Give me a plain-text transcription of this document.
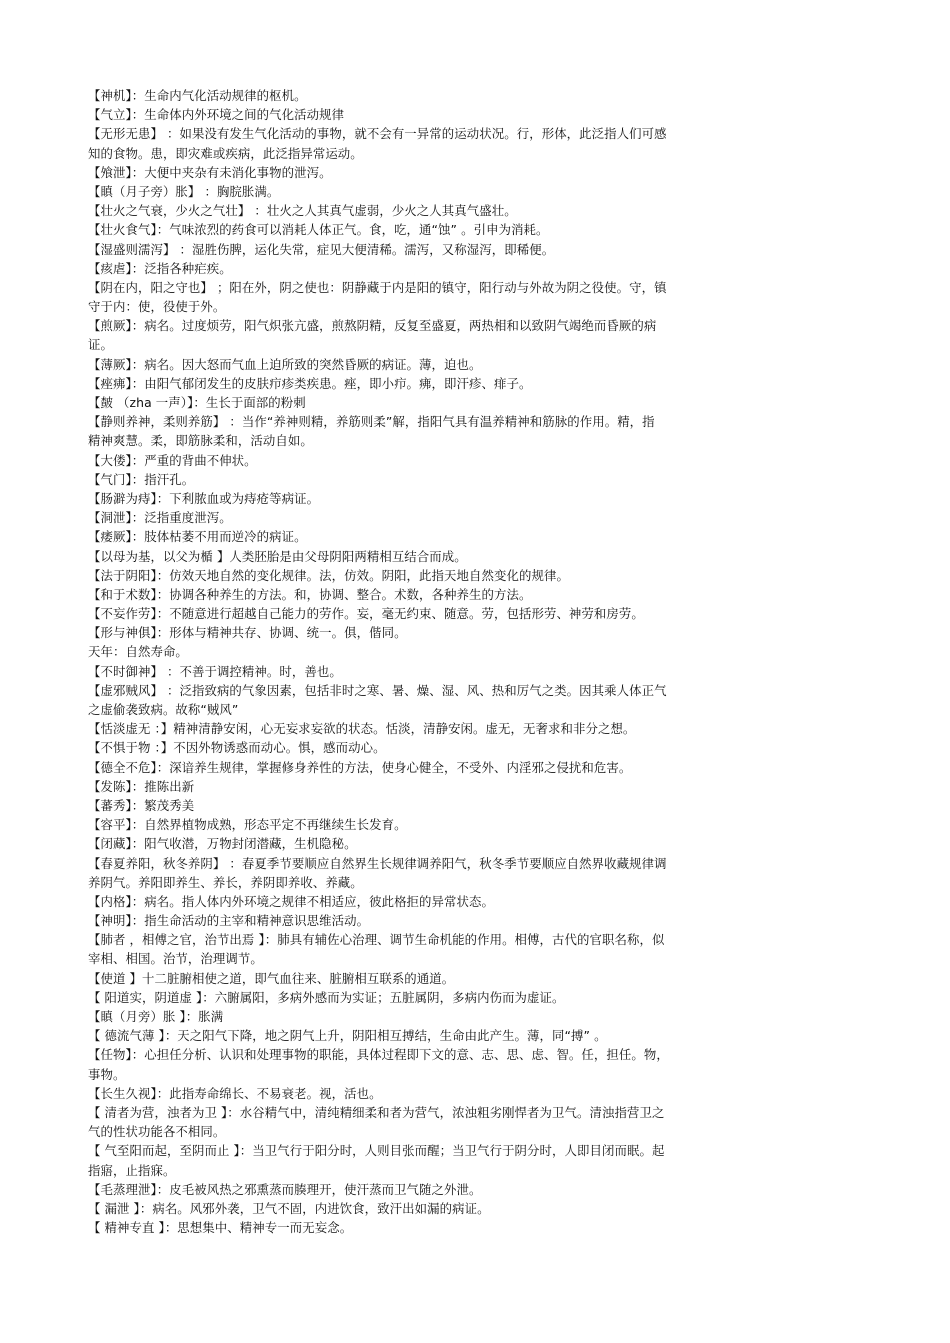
【神机】：生命内气化活动规律的枢机。
【气立】：生命体内外环境之间的气化活动规律
【无形无患】 ：如果没有发生气化活动的事物，就不会有一异常的运动状况。行，形体，此泛指人们可感
知的食物。患，即灾难或疾病，此泛指异常运动。
【飧泄】：大便中夹杂有未消化事物的泄泻。
【瞋（月子旁）胀】 ：胸脘胀满。
【壮火之气衰，少火之气壮】 ：壮火之人其真气虚弱，少火之人其真气盛壮。
【壮火食气】：气味浓烈的药食可以消耗人体正气。食，吃，通“蚀” 。引申为消耗。
【湿盛则濡泻】 ：湿胜伤脾，运化失常，症见大便清稀。濡泻，又称湿泻，即稀便。
【痎虐】：泛指各种疟疾。
【阴在内，阳之守也】 ；阳在外，阴之使也：阴静藏于内是阳的镇守，阳行动与外故为阴之役使。守，镇
守于内：使，役使于外。
【煎厥】：病名。过度烦劳，阳气炽张亢盛，煎熬阴精，反复至盛夏，两热相和以致阴气竭绝而昏厥的病
证。
【薄厥】：病名。因大怒而气血上迫所致的突然昏厥的病证。薄，迫也。
【痤疿】：由阳气郁闭发生的皮肤疖疹类疾患。痤，即小疖。疿，即汗疹、痱子。
【皶 （zha 一声）】：生长于面部的粉刺
【静则养神，柔则养筋】 ：当作“养神则精，养筋则柔”解，指阳气具有温养精神和筋脉的作用。精，指
精神爽慧。柔，即筋脉柔和，活动自如。
【大偻】：严重的背曲不伸状。
【气门】：指汗孔。
【肠澼为痔】：下利脓血或为痔疮等病证。
【洞泄】：泛指重度泄泻。
【痿厥】：肢体枯萎不用而逆冷的病证。
【以母为基，以父为楯 】人类胚胎是由父母阴阳两精相互结合而成。
【法于阴阳】：仿效天地自然的变化规律。法，仿效。阴阳，此指天地自然变化的规律。
【和于术数】：协调各种养生的方法。和，协调、整合。术数，各种养生的方法。
【不妄作劳】：不随意进行超越自己能力的劳作。妄，毫无约束、随意。劳，包括形劳、神劳和房劳。
【形与神俱】：形体与精神共存、协调、统一。俱，偕同。
天年：自然寿命。
【不时御神】 ：不善于调控精神。时，善也。
【虚邪贼风】 ：泛指致病的气象因素，包括非时之寒、暑、燥、湿、风、热和厉气之类。因其乘人体正气
之虚偷袭致病。故称“贼风”
【恬淡虚无 ：】精神清静安闲，心无妄求妄欲的状态。恬淡，清静安闲。虚无，无奢求和非分之想。
【不惧于物 ：】不因外物诱惑而动心。惧，感而动心。
【德全不危】：深谙养生规律，掌握修身养性的方法，使身心健全，不受外、内淫邪之侵扰和危害。
【发陈】：推陈出新
【蕃秀】：繁茂秀美
【容平】：自然界植物成熟，形态平定不再继续生长发育。
【闭藏】：阳气收潜，万物封闭潜藏，生机隐秘。
【春夏养阳，秋冬养阴】 ：春夏季节要顺应自然界生长规律调养阳气，秋冬季节要顺应自然界收藏规律调
养阴气。养阳即养生、养长，养阴即养收、养藏。
【内格】：病名。指人体内外环境之规律不相适应，彼此格拒的异常状态。
【神明】：指生命活动的主宰和精神意识思维活动。
【肺者 ，相傅之官，治节出焉 】：肺具有辅佐心治理、调节生命机能的作用。相傅，古代的官职名称，似
宰相、相国。治节，治理调节。
【使道 】十二脏腑相使之道，即气血往来、脏腑相互联系的通道。
【 阳道实，阴道虚 】：六腑属阳，多病外感而为实证；五脏属阴，多病内伤而为虚证。
【瞋（月旁）胀 】：胀满
【 德流气薄 】：天之阳气下降，地之阴气上升，阴阳相互搏结，生命由此产生。薄，同“搏” 。
【任物】：心担任分析、认识和处理事物的职能，具体过程即下文的意、志、思、虑、智。任，担任。物，
事物。
【长生久视】：此指寿命绵长、不易衰老。视，活也。
【 清者为营，浊者为卫 】：水谷精气中，清纯精细柔和者为营气，浓浊粗劣刚悍者为卫气。清浊指营卫之
气的性状功能各不相同。
【 气至阳而起，至阴而止 】：当卫气行于阳分时，人则目张而醒；当卫气行于阴分时，人即目闭而眠。起
指寤，止指寐。
【毛蒸理泄】：皮毛被风热之邪熏蒸而腠理开，使汗蒸而卫气随之外泄。
【 漏泄 】：病名。风邪外袭，卫气不固，内进饮食，致汗出如漏的病证。
【 精神专直 】：思想集中、精神专一而无妄念。
